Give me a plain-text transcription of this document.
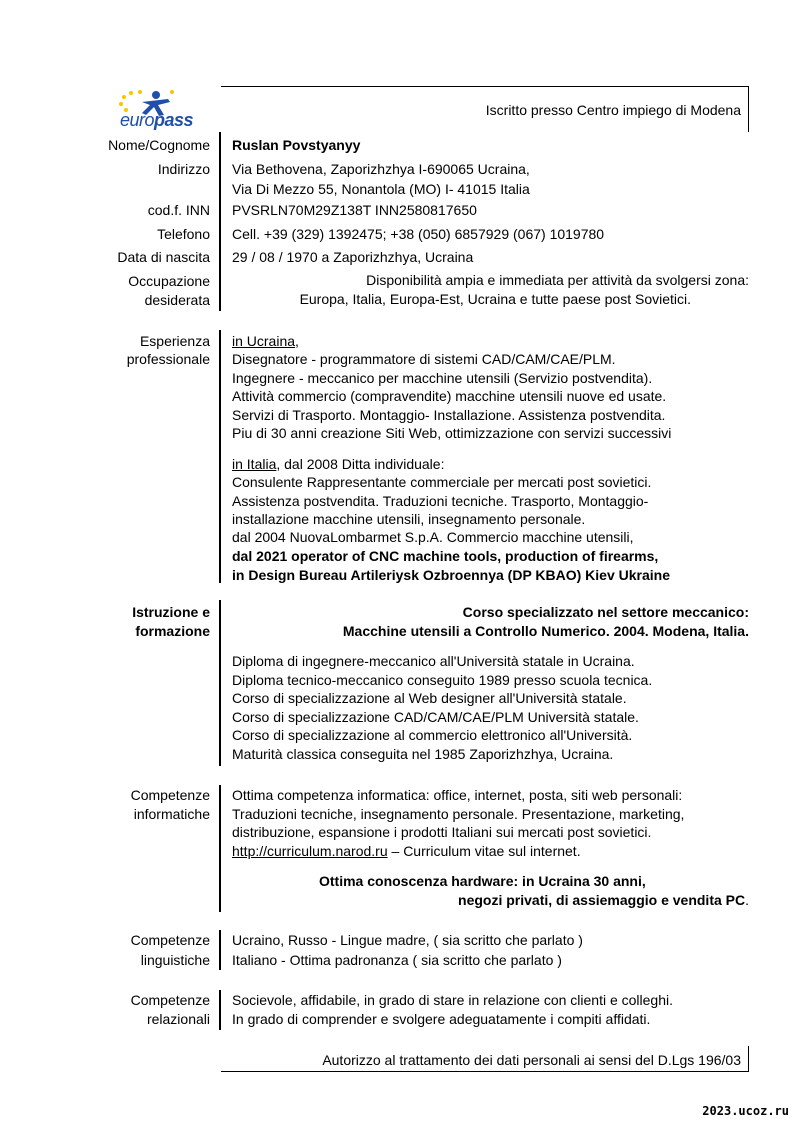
europass	Iscritto presso Centro impiego di Modena
Nome/Cognome Ruslan Povstyanyy
Indirizzo Via Bethovena, Zaporizhzhya I-690065 Ucraina,
Via Di Mezzo 55, Nonantola (MO) I- 41015 Italia
cod.f. INN PVSRLN70M29Z138T INN2580817650
Telefono Cell. +39 (329) 1392475; +38 (050) 6857929 (067) 1019780
Data di nascita 29 / 08 / 1970 a Zaporizhzhya, Ucraina
Occupazione
desiderata
Disponibilità ampia e immediata per attività da svolgersi zona:
Europa, Italia, Europa-Est, Ucraina e tutte paese post Sovietici.
Esperienza
professionale
in Ucraina,
Disegnatore - programmatore di sistemi CAD/CAM/CAE/PLM.
Ingegnere - meccanico per macchine utensili (Servizio postvendita).
Attività commercio (compravendite) macchine utensili nuove ed usate.
Servizi di Trasporto. Montaggio- Installazione. Assistenza postvendita.
Piu di 30 anni creazione Siti Web, ottimizzazione con servizi successivi
in Italia, dal 2008 Ditta individuale:
Consulente Rappresentante commerciale per mercati post sovietici.
Assistenza postvendita. Traduzioni tecniche. Trasporto, Montaggio-
installazione macchine utensili, insegnamento personale.
dal 2004 NuovaLombarmet S.p.A. Commercio macchine utensili,
dal 2021 operator of CNC machine tools, production of firearms,
in Design Bureau Artileriysk Ozbroennya (DP KBAO) Kiev Ukraine
Istruzione e
formazione
Corso specializzato nel settore meccanico:
Macchine utensili a Controllo Numerico. 2004. Modena, Italia.
Diploma di ingegnere-meccanico all'Università statale in Ucraina.
Diploma tecnico-meccanico conseguito 1989 presso scuola tecnica.
Corso di specializzazione al Web designer all'Università statale.
Corso di specializzazione CAD/CAM/CAE/PLM Università statale.
Corso di specializzazione al commercio elettronico all'Università.
Maturità classica conseguita nel 1985 Zaporizhzhya, Ucraina.
Competenze
informatiche
Ottima competenza informatica: office, internet, posta, siti web personali:
Traduzioni tecniche, insegnamento personale. Presentazione, marketing,
distribuzione, espansione i prodotti Italiani sui mercati post sovietici.
http://curriculum.narod.ru – Curriculum vitae sul internet.
Ottima conoscenza hardware: in Ucraina 30 anni,
negozi privati, di assiemaggio e vendita PC.
Competenze
linguistiche
Ucraino, Russo - Lingue madre, ( sia scritto che parlato )
Italiano - Ottima padronanza ( sia scritto che parlato )
Competenze
relazionali
Socievole, affidabile, in grado di stare in relazione con clienti e colleghi.
In grado di comprender e svolgere adeguatamente i compiti affidati.
Autorizzo al trattamento dei dati personali ai sensi del D.Lgs 196/03
2023.ucoz.ru
